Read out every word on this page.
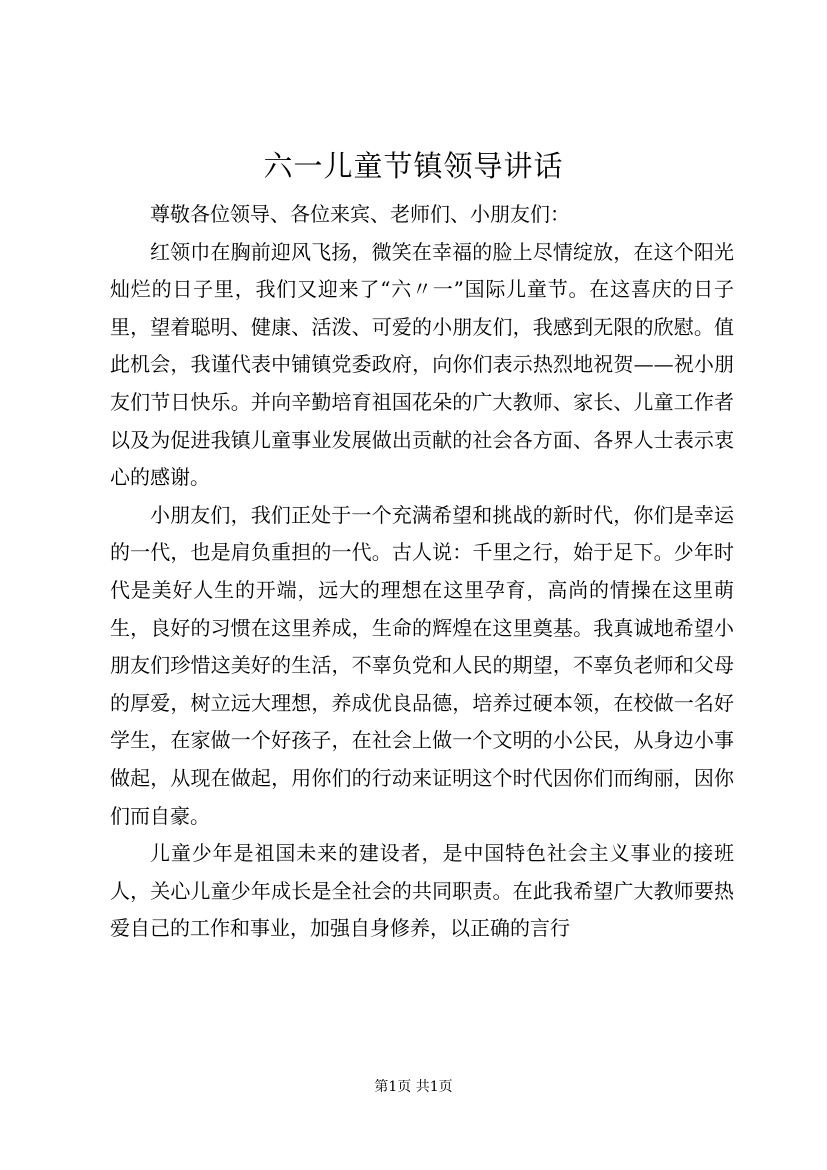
六一儿童节镇领导讲话

尊敬各位领导、各位来宾、老师们、小朋友们：

红领巾在胸前迎风飞扬，微笑在幸福的脸上尽情绽放，在这个阳光灿烂的日子里，我们又迎来了“六〃一”国际儿童节。在这喜庆的日子里，望着聪明、健康、活泼、可爱的小朋友们，我感到无限的欣慰。值此机会，我谨代表中铺镇党委政府，向你们表示热烈地祝贺——祝小朋友们节日快乐。并向辛勤培育祖国花朵的广大教师、家长、儿童工作者以及为促进我镇儿童事业发展做出贡献的社会各方面、各界人士表示衷心的感谢。

小朋友们，我们正处于一个充满希望和挑战的新时代，你们是幸运的一代，也是肩负重担的一代。古人说：千里之行，始于足下。少年时代是美好人生的开端，远大的理想在这里孕育，高尚的情操在这里萌生，良好的习惯在这里养成，生命的辉煌在这里奠基。我真诚地希望小朋友们珍惜这美好的生活，不辜负党和人民的期望，不辜负老师和父母的厚爱，树立远大理想，养成优良品德，培养过硬本领，在校做一名好学生，在家做一个好孩子，在社会上做一个文明的小公民，从身边小事做起，从现在做起，用你们的行动来证明这个时代因你们而绚丽，因你们而自豪。

儿童少年是祖国未来的建设者，是中国特色社会主义事业的接班人，关心儿童少年成长是全社会的共同职责。在此我希望广大教师要热爱自己的工作和事业，加强自身修养，以正确的言行

第1页 共1页
